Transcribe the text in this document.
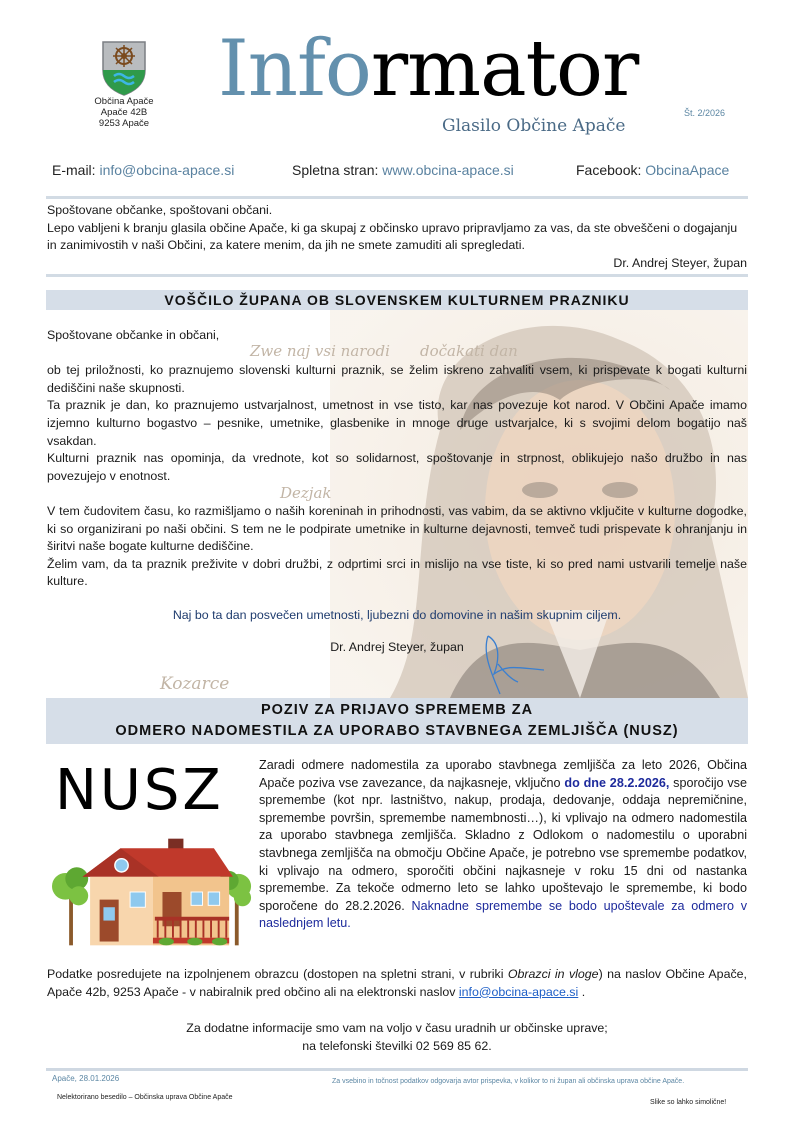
Občina Apače
Apače 42B
9253 Apače
Informator	Št. 2/2026
Glasilo Občine Apače
E-mail: info@obcina-apace.si	Spletna stran: www.obcina-apace.si	Facebook: ObcinaApace

Spoštovane občanke, spoštovani občani.

Lepo vabljeni k branju glasila občine Apače, ki ga skupaj z občinsko upravo pripravljamo za vas, da ste obveščeni o dogajanju in zanimivostih v naši Občini, za katere menim, da jih ne smete zamuditi ali spregledati.

Dr. Andrej Steyer, župan

VOŠČILO ŽUPANA OB SLOVENSKEM KULTURNEM PRAZNIKU
Zwe naj vsi narodi dočakati dan
Dezjak
Kozarce

Spoštovane občanke in občani,

ob tej priložnosti, ko praznujemo slovenski kulturni praznik, se želim iskreno zahvaliti vsem, ki prispevate k bogati kulturni dediščini naše skupnosti.

Ta praznik je dan, ko praznujemo ustvarjalnost, umetnost in vse tisto, kar nas povezuje kot narod. V Občini Apače imamo izjemno kulturno bogastvo – pesnike, umetnike, glasbenike in mnoge druge ustvarjalce, ki s svojimi delom bogatijo naš vsakdan.

Kulturni praznik nas opominja, da vrednote, kot so solidarnost, spoštovanje in strpnost, oblikujejo našo družbo in nas povezujejo v enotnost.

V tem čudovitem času, ko razmišljamo o naših koreninah in prihodnosti, vas vabim, da se aktivno vključite v kulturne dogodke, ki so organizirani po naši občini. S tem ne le podpirate umetnike in kulturne dejavnosti, temveč tudi prispevate k ohranjanju in širitvi naše bogate kulturne dediščine.

Želim vam, da ta praznik preživite v dobri družbi, z odprtimi srci in mislijo na vse tiste, ki so pred nami ustvarili temelje naše kulture.

Naj bo ta dan posvečen umetnosti, ljubezni do domovine in našim skupnim ciljem.

Dr. Andrej Steyer, župan

POZIV ZA PRIJAVO SPREMEMB ZA
ODMERO NADOMESTILA ZA UPORABO STAVBNEGA ZEMLJIŠČA (NUSZ)
NUSZ	Zaradi odmere nadomestila za uporabo stavbnega zemljišča za leto 2026, Občina Apače poziva vse zavezance, da najkasneje, vključno do dne 28.2.2026, sporočijo vse spremembe (kot npr. lastništvo, nakup, prodaja, dedovanje, oddaja nepremičnine, spremembe površin, spremembe namembnosti…), ki vplivajo na odmero nadomestila za uporabo stavbnega zemljišča. Skladno z Odlokom o nadomestilu o uporabni stavbnega zemljišča na območju Občine Apače, je potrebno vse spremembe podatkov, ki vplivajo na odmero, sporočiti občini najkasneje v roku 15 dni od nastanka spremembe. Za tekoče odmerno leto se lahko upoštevajo le spremembe, ki bodo sporočene do 28.2.2026. Naknadne spremembe se bodo upoštevale za odmero v naslednjem letu.
Podatke posredujete na izpolnjenem obrazcu (dostopen na spletni strani, v rubriki Obrazci in vloge) na naslov Občine Apače, Apače 42b, 9253 Apače - v nabiralnik pred občino ali na elektronski naslov info@obcina-apace.si .
Za dodatne informacije smo vam na voljo v času uradnih ur občinske uprave;
na telefonski številki 02 569 85 62.
Apače, 28.01.2026	Za vsebino in točnost podatkov odgovarja avtor prispevka, v kolikor to ni župan ali občinska uprava občine Apače.
Nelektorirano besedilo – Občinska uprava Občine Apače
Slike so lahko simolične!
